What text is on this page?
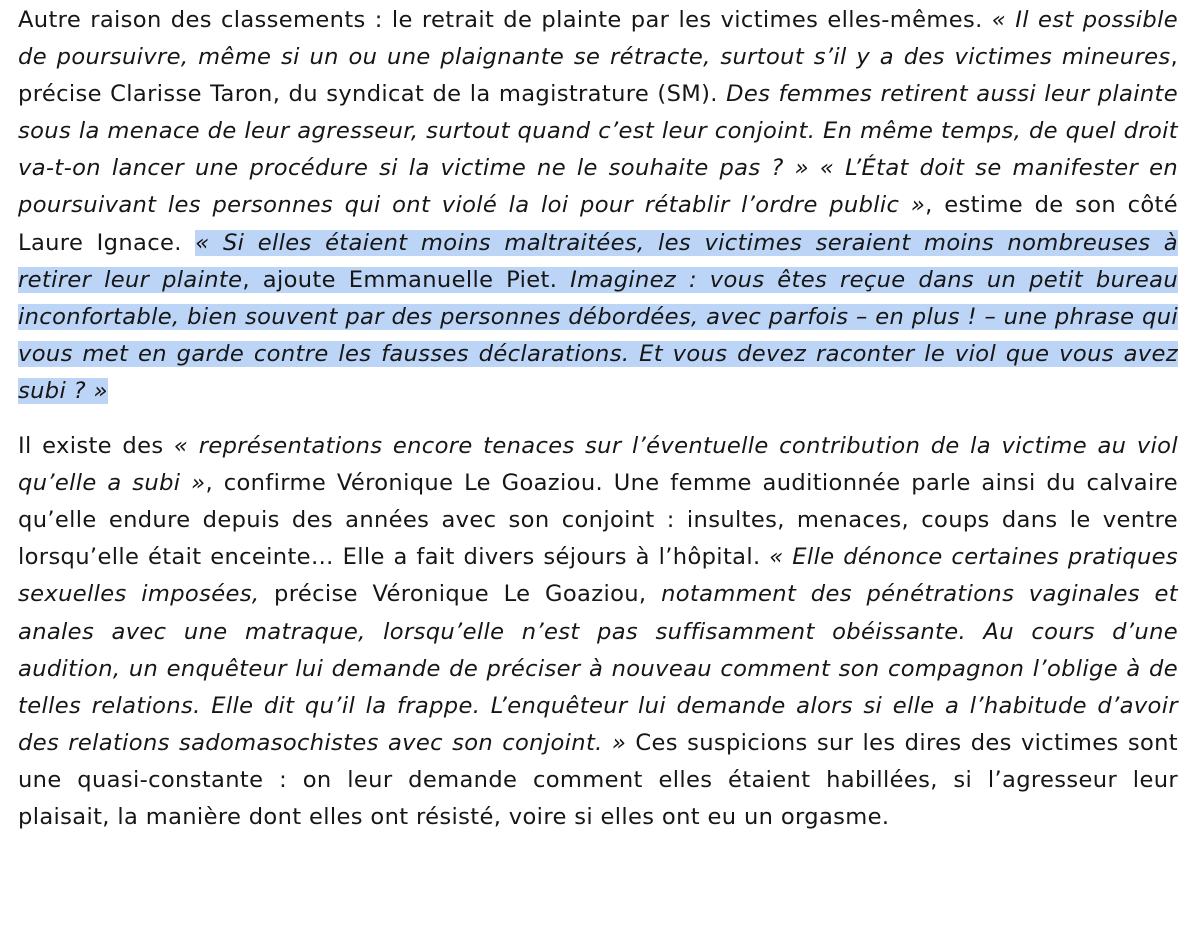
Autre raison des classements : le retrait de plainte par les victimes elles-mêmes. « Il est possible de poursuivre, même si un ou une plaignante se rétracte, surtout s’il y a des victimes mineures, précise Clarisse Taron, du syndicat de la magistrature (SM). Des femmes retirent aussi leur plainte sous la menace de leur agresseur, surtout quand c’est leur conjoint. En même temps, de quel droit va-t-on lancer une procédure si la victime ne le souhaite pas ? » « L’État doit se manifester en poursuivant les personnes qui ont violé la loi pour rétablir l’ordre public », estime de son côté Laure Ignace. « Si elles étaient moins maltraitées, les victimes seraient moins nombreuses à retirer leur plainte, ajoute Emmanuelle Piet. Imaginez : vous êtes reçue dans un petit bureau inconfortable, bien souvent par des personnes débordées, avec parfois – en plus ! – une phrase qui vous met en garde contre les fausses déclarations. Et vous devez raconter le viol que vous avez subi ? »

Il existe des « représentations encore tenaces sur l’éventuelle contribution de la victime au viol qu’elle a subi », confirme Véronique Le Goaziou. Une femme auditionnée parle ainsi du calvaire qu’elle endure depuis des années avec son conjoint : insultes, menaces, coups dans le ventre lorsqu’elle était enceinte… Elle a fait divers séjours à l’hôpital. « Elle dénonce certaines pratiques sexuelles imposées, précise Véronique Le Goaziou, notamment des pénétrations vaginales et anales avec une matraque, lorsqu’elle n’est pas suffisamment obéissante. Au cours d’une audition, un enquêteur lui demande de préciser à nouveau comment son compagnon l’oblige à de telles relations. Elle dit qu’il la frappe. L’enquêteur lui demande alors si elle a l’habitude d’avoir des relations sadomasochistes avec son conjoint. » Ces suspicions sur les dires des victimes sont une quasi-constante : on leur demande comment elles étaient habillées, si l’agresseur leur plaisait, la manière dont elles ont résisté, voire si elles ont eu un orgasme.
